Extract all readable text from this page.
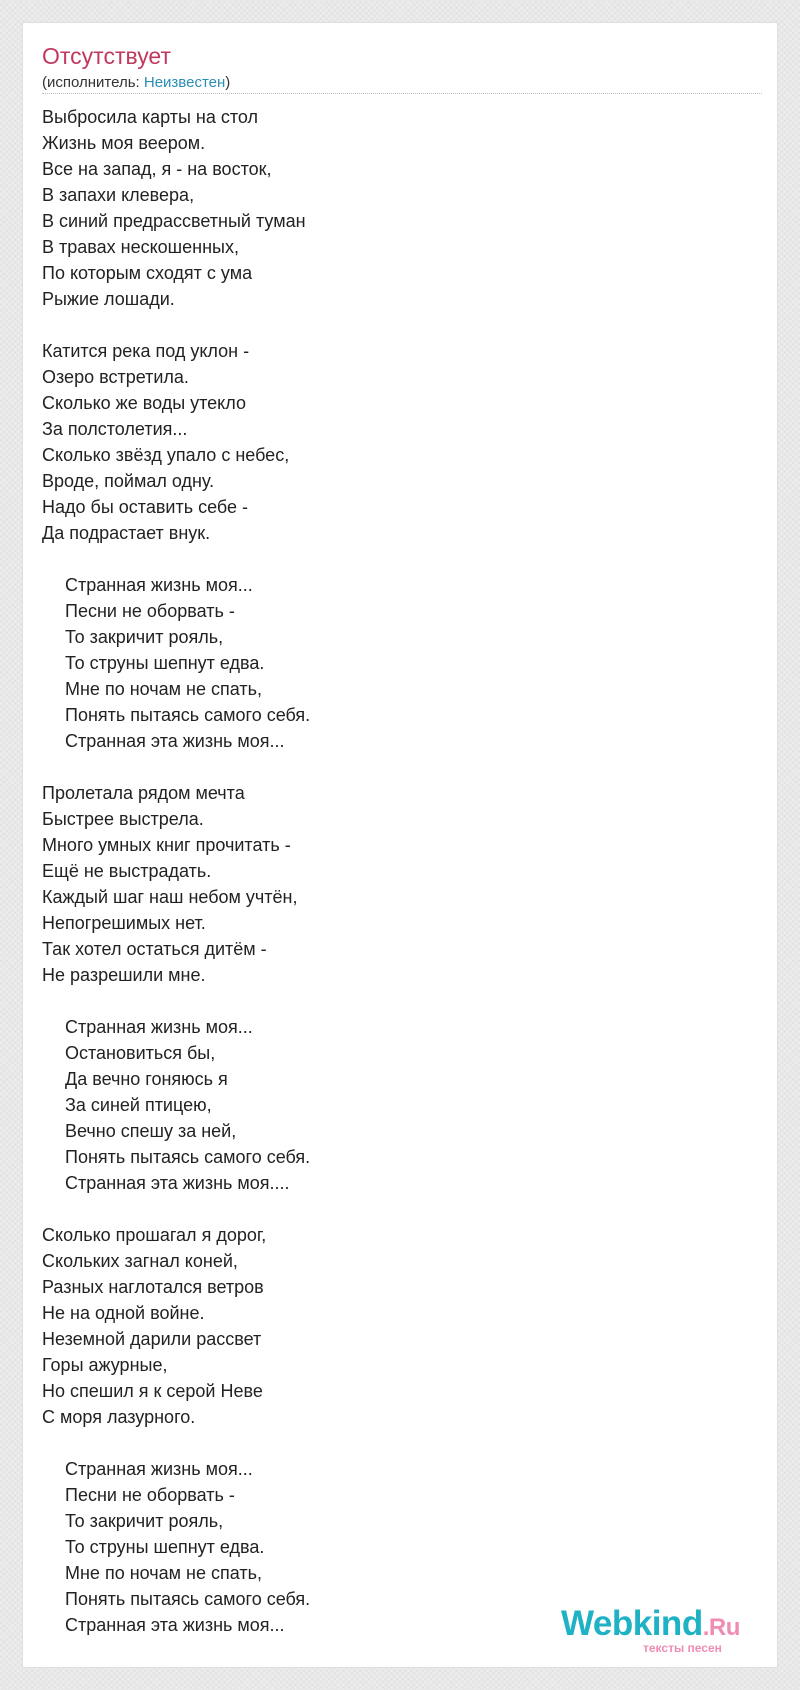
Отсутствует
(исполнитель: Неизвестен)
Выбросила карты на стол
Жизнь моя веером.
Все на запад, я - на восток,
В запахи клевера,
В синий предрассветный туман
В травах нескошенных,
По которым сходят с ума
Рыжие лошади.
Катится река под уклон -
Озеро встретила.
Сколько же воды утекло
За полстолетия...
Сколько звёзд упало с небес,
Вроде, поймал одну.
Надо бы оставить себе -
Да подрастает внук.
Странная жизнь моя...
Песни не оборвать -
То закричит рояль,
То струны шепнут едва.
Мне по ночам не спать,
Понять пытаясь самого себя.
Странная эта жизнь моя...
Пролетала рядом мечта
Быстрее выстрела.
Много умных книг прочитать -
Ещё не выстрадать.
Каждый шаг наш небом учтён,
Непогрешимых нет.
Так хотел остаться дитём -
Не разрешили мне.
Странная жизнь моя...
Остановиться бы,
Да вечно гоняюсь я
За синей птицею,
Вечно спешу за ней,
Понять пытаясь самого себя.
Странная эта жизнь моя....
Сколько прошагал я дорог,
Скольких загнал коней,
Разных наглотался ветров
Не на одной войне.
Неземной дарили рассвет
Горы ажурные,
Но спешил я к серой Неве
С моря лазурного.
Странная жизнь моя...
Песни не оборвать -
То закричит рояль,
То струны шепнут едва.
Мне по ночам не спать,
Понять пытаясь самого себя.
Странная эта жизнь моя...	Webkind.Ru
тексты песен
